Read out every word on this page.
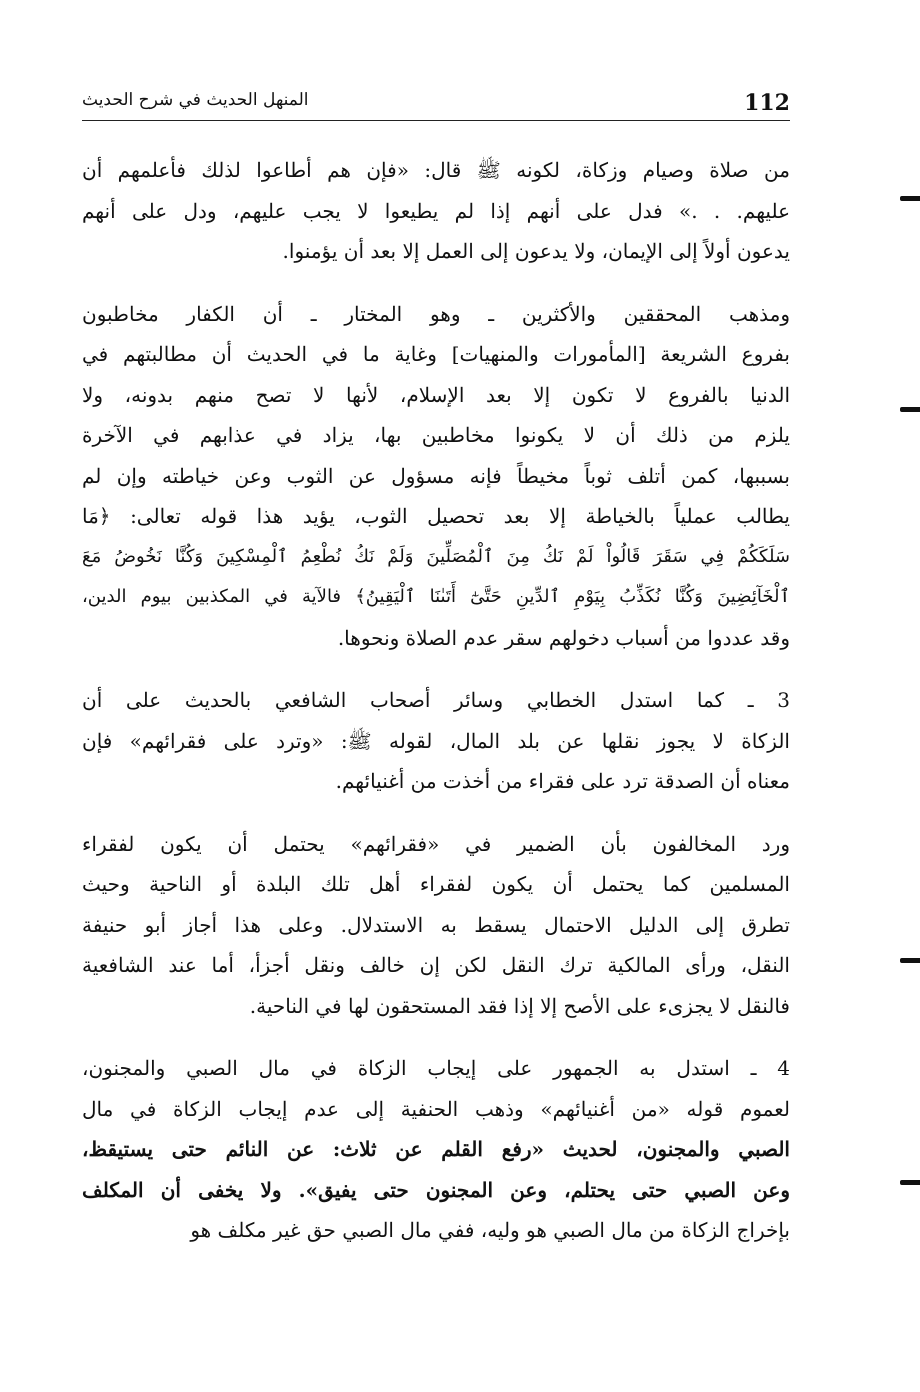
112
المنهل الحديث في شرح الحديث
من صلاة وصيام وزكاة، لكونه ﷺ قال: «فإن هم أطاعوا لذلك فأعلمهم أن
عليهم. . .» فدل على أنهم إذا لم يطيعوا لا يجب عليهم، ودل على أنهم
يدعون أولاً إلى الإيمان، ولا يدعون إلى العمل إلا بعد أن يؤمنوا.
ومذهب المحققين والأكثرين ـ وهو المختار ـ أن الكفار مخاطبون
بفروع الشريعة [المأمورات والمنهيات] وغاية ما في الحديث أن مطالبتهم في
الدنيا بالفروع لا تكون إلا بعد الإسلام، لأنها لا تصح منهم بدونه، ولا
يلزم من ذلك أن لا يكونوا مخاطبين بها، يزاد في عذابهم في الآخرة
بسببها، كمن أتلف ثوباً مخيطاً فإنه مسؤول عن الثوب وعن خياطته وإن لم
يطالب عملياً بالخياطة إلا بعد تحصيل الثوب، يؤيد هذا قوله تعالى: ﴿مَا
سَلَكَكُمْ فِي سَقَرَ قَالُواْ لَمْ نَكُ مِنَ ٱلْمُصَلِّينَ وَلَمْ نَكُ نُطْعِمُ ٱلْمِسْكِينَ وَكُنَّا نَخُوضُ مَعَ
ٱلْخَآئِضِينَ وَكُنَّا نُكَذِّبُ بِيَوْمِ ٱلدِّينِ حَتَّىٰٓ أَتَىٰنَا ٱلْيَقِينُ﴾ فالآية في المكذبين بيوم الدين،
وقد عددوا من أسباب دخولهم سقر عدم الصلاة ونحوها.
3 ـ كما استدل الخطابي وسائر أصحاب الشافعي بالحديث على أن
الزكاة لا يجوز نقلها عن بلد المال، لقوله ﷺ: «وترد على فقرائهم» فإن
معناه أن الصدقة ترد على فقراء من أخذت من أغنيائهم.
ورد المخالفون بأن الضمير في «فقرائهم» يحتمل أن يكون لفقراء
المسلمين كما يحتمل أن يكون لفقراء أهل تلك البلدة أو الناحية وحيث
تطرق إلى الدليل الاحتمال يسقط به الاستدلال. وعلى هذا أجاز أبو حنيفة
النقل، ورأى المالكية ترك النقل لكن إن خالف ونقل أجزأ، أما عند الشافعية
فالنقل لا يجزىء على الأصح إلا إذا فقد المستحقون لها في الناحية.
4 ـ استدل به الجمهور على إيجاب الزكاة في مال الصبي والمجنون،
لعموم قوله «من أغنيائهم» وذهب الحنفية إلى عدم إيجاب الزكاة في مال
الصبي والمجنون، لحديث «رفع القلم عن ثلاث: عن النائم حتى يستيقظ،
وعن الصبي حتى يحتلم، وعن المجنون حتى يفيق». ولا يخفى أن المكلف
بإخراج الزكاة من مال الصبي هو وليه، ففي مال الصبي حق غير مكلف هو
